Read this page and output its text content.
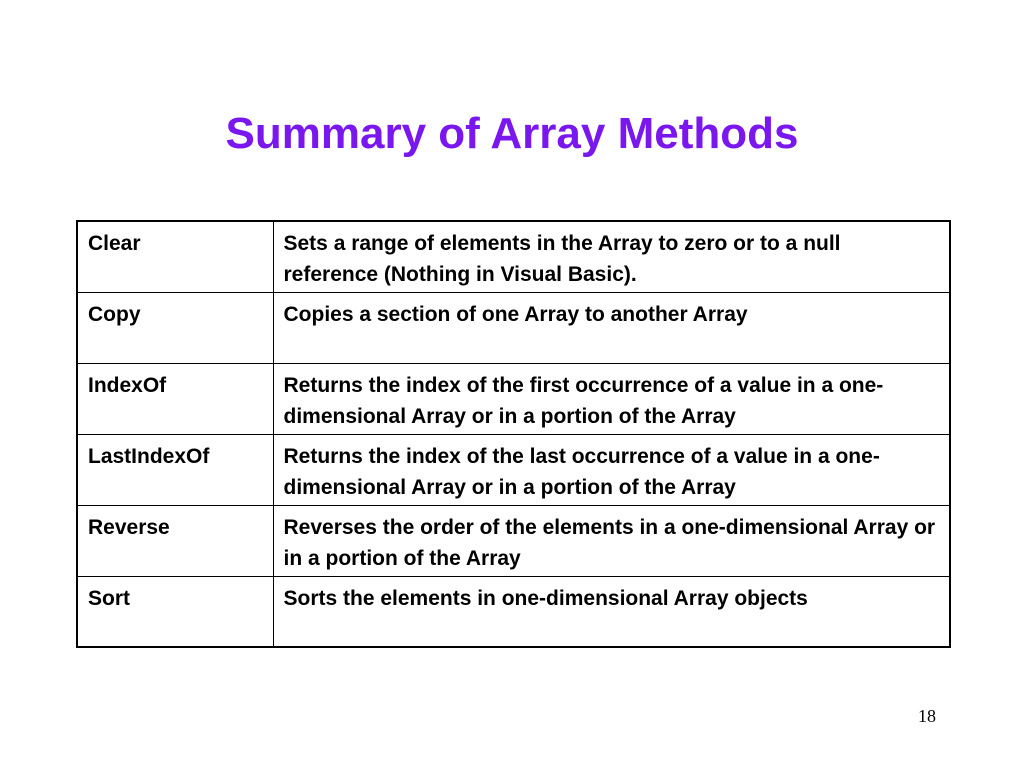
Summary of Array Methods
Clear	Sets a range of elements in the Array to zero or to a null reference (Nothing in Visual Basic).
Copy	Copies a section of one Array to another Array
IndexOf	Returns the index of the first occurrence of a value in a one-dimensional Array or in a portion of the Array
LastIndexOf	Returns the index of the last occurrence of a value in a one-dimensional Array or in a portion of the Array
Reverse	Reverses the order of the elements in a one-dimensional Array or in a portion of the Array
Sort	Sorts the elements in one-dimensional Array objects
18
